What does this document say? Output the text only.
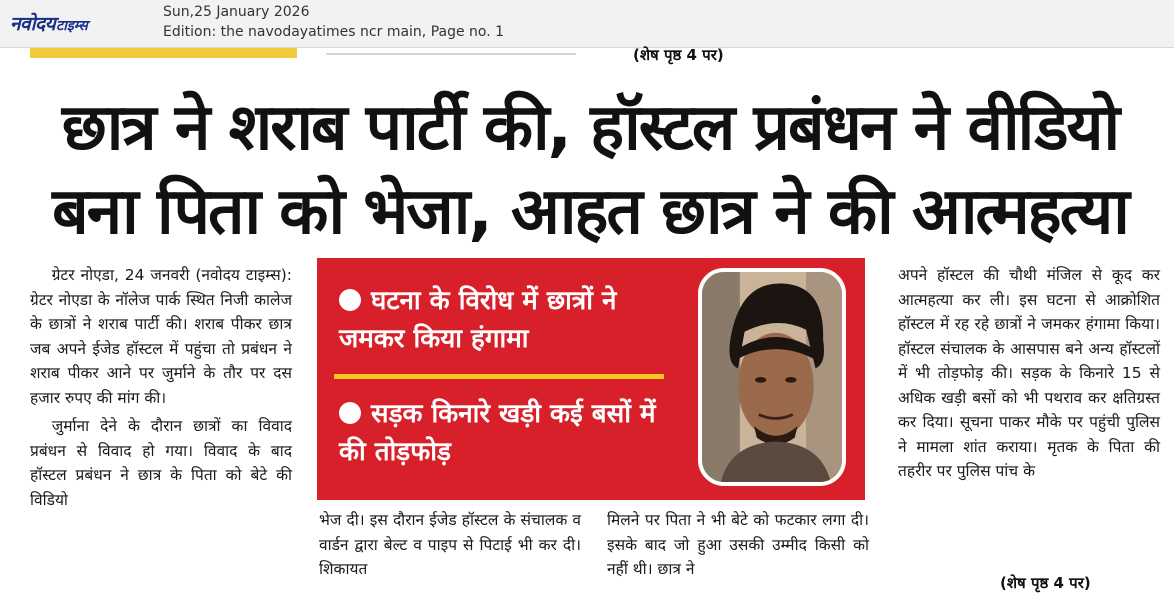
नवोदय टाइम्स
Sun,25 January 2026
Edition: the navodayatimes ncr main, Page no. 1
(शेष पृष्ठ 4 पर)
छात्र ने शराब पार्टी की, हॉस्टल प्रबंधन ने वीडियो
बना पिता को भेजा, आहत छात्र ने की आत्महत्या

ग्रेटर नोएडा, 24 जनवरी (नवोदय टाइम्स): ग्रेटर नोएडा के नॉलेज पार्क स्थित निजी कालेज के छात्रों ने शराब पार्टी की। शराब पीकर छात्र जब अपने ईजेड हॉस्टल में पहुंचा तो प्रबंधन ने शराब पीकर आने पर जुर्माने के तौर पर दस हजार रुपए की मांग की।

जुर्माना देने के दौरान छात्रों का विवाद प्रबंधन से विवाद हो गया। विवाद के बाद हॉस्टल प्रबंधन ने छात्र के पिता को बेटे की विडियो

घटना के विरोध में छात्रों ने जमकर किया हंगामा
सड़क किनारे खड़ी कई बसों में की तोड़फोड़

भेज दी। इस दौरान ईजेड हॉस्टल के संचालक व वार्डन द्वारा बेल्ट व पाइप से पिटाई भी कर दी। शिकायत

मिलने पर पिता ने भी बेटे को फटकार लगा दी। इसके बाद जो हुआ उसकी उम्मीद किसी को नहीं थी। छात्र ने

अपने हॉस्टल की चौथी मंजिल से कूद कर आत्महत्या कर ली। इस घटना से आक्रोशित हॉस्टल में रह रहे छात्रों ने जमकर हंगामा किया। हॉस्टल संचालक के आसपास बने अन्य हॉस्टलों में भी तोड़फोड़ की। सड़क के किनारे 15 से अधिक खड़ी बसों को भी पथराव कर क्षतिग्रस्त कर दिया। सूचना पाकर मौके पर पहुंची पुलिस ने मामला शांत कराया। मृतक के पिता की तहरीर पर पुलिस पांच के

(शेष पृष्ठ 4 पर)
